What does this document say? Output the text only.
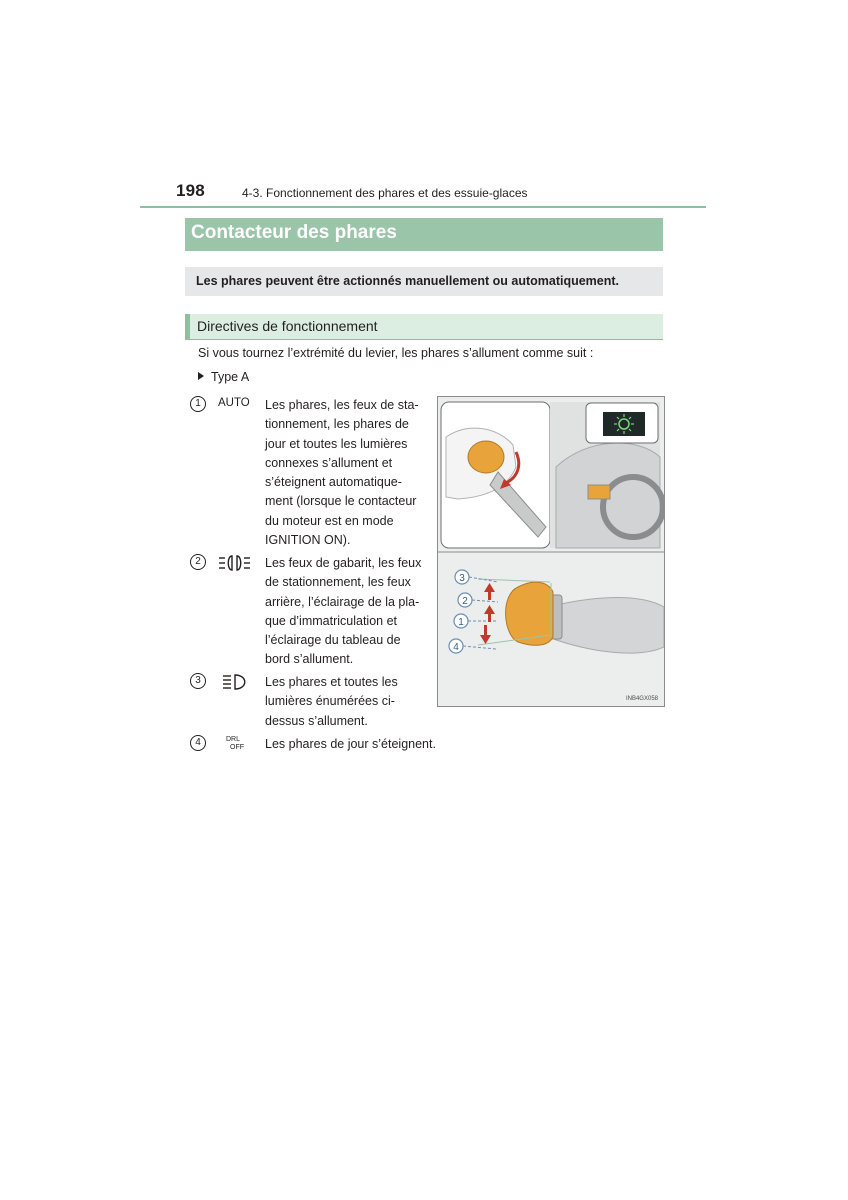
198	4-3. Fonctionnement des phares et des essuie-glaces
Contacteur des phares
Les phares peuvent être actionnés manuellement ou automatiquement.
Directives de fonctionnement
Si vous tournez l’extrémité du levier, les phares s’allument comme suit :
Type A
1	AUTO	Les phares, les feux de sta-
tionnement, les phares de
jour et toutes les lumières
connexes s’allument et
s’éteignent automatique-
ment (lorsque le contacteur
du moteur est en mode
IGNITION ON).
2	Les feux de gabarit, les feux
de stationnement, les feux
arrière, l’éclairage de la pla-
que d’immatriculation et
l’éclairage du tableau de
bord s’allument.
3	Les phares et toutes les
lumières énumérées ci-
dessus s’allument.
4	DRL
OFF	Les phares de jour s’éteignent.
3
2
1
4
INB4GX058
